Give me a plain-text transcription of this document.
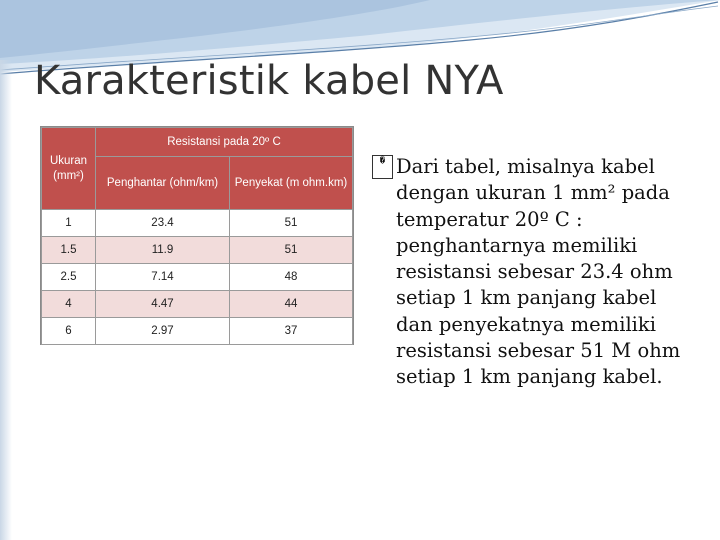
Karakteristik kabel NYA
Ukuran (mm²)	Resistansi pada 20º C	
	Penghantar (ohm/km)	Penyekat (m ohm.km)
1	23.4	51
1.5	11.9	51
2.5	7.14	48
4	4.47	44
6	2.97	37
� Dari tabel, misalnya kabel dengan ukuran 1 mm² pada temperatur 20º C : penghantarnya memiliki resistansi sebesar 23.4 ohm setiap 1 km panjang kabel dan penyekatnya memiliki resistansi sebesar 51 M ohm setiap 1 km panjang kabel.
